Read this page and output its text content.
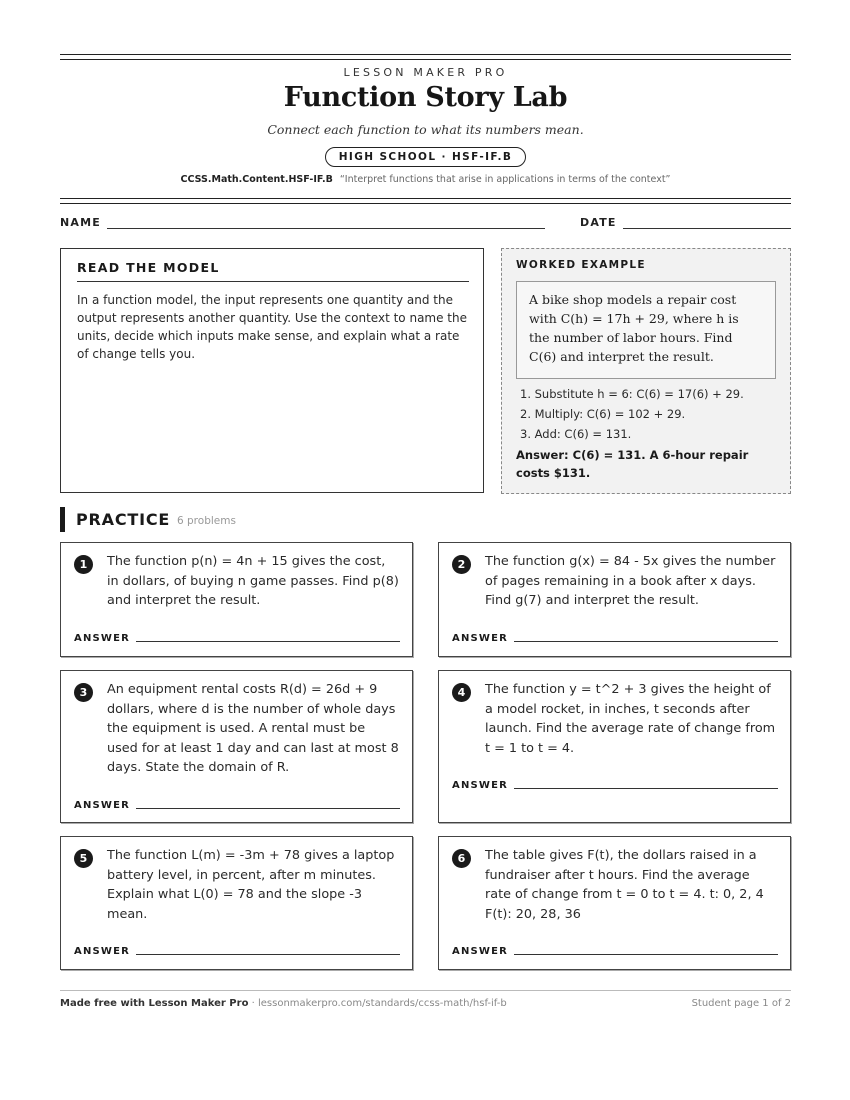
LESSON MAKER PRO
Function Story Lab
Connect each function to what its numbers mean.
HIGH SCHOOL · HSF-IF.B
CCSS.Math.Content.HSF-IF.B “Interpret functions that arise in applications in terms of the context”
NAME	DATE
READ THE MODEL
In a function model, the input represents one quantity and the output represents another quantity. Use the context to name the units, decide which inputs make sense, and explain what a rate of change tells you.
WORKED EXAMPLE
A bike shop models a repair cost with C(h) = 17h + 29, where h is the number of labor hours. Find C(6) and interpret the result.
1. Substitute h = 6: C(6) = 17(6) + 29.
2. Multiply: C(6) = 102 + 29.
3. Add: C(6) = 131.
Answer: C(6) = 131. A 6-hour repair costs $131.
PRACTICE 6 problems
1	The function p(n) = 4n + 15 gives the cost, in dollars, of buying n game passes. Find p(8) and interpret the result.
ANSWER
2	The function g(x) = 84 - 5x gives the number of pages remaining in a book after x days. Find g(7) and interpret the result.
ANSWER
3	An equipment rental costs R(d) = 26d + 9 dollars, where d is the number of whole days the equipment is used. A rental must be used for at least 1 day and can last at most 8 days. State the domain of R.
ANSWER
4	The function y = t^2 + 3 gives the height of a model rocket, in inches, t seconds after launch. Find the average rate of change from t = 1 to t = 4.
ANSWER
5	The function L(m) = -3m + 78 gives a laptop battery level, in percent, after m minutes. Explain what L(0) = 78 and the slope -3 mean.
ANSWER
6	The table gives F(t), the dollars raised in a fundraiser after t hours. Find the average rate of change from t = 0 to t = 4. t: 0, 2, 4 F(t): 20, 28, 36
ANSWER
Made free with Lesson Maker Pro · lessonmakerpro.com/standards/ccss-math/hsf-if-b	Student page 1 of 2
